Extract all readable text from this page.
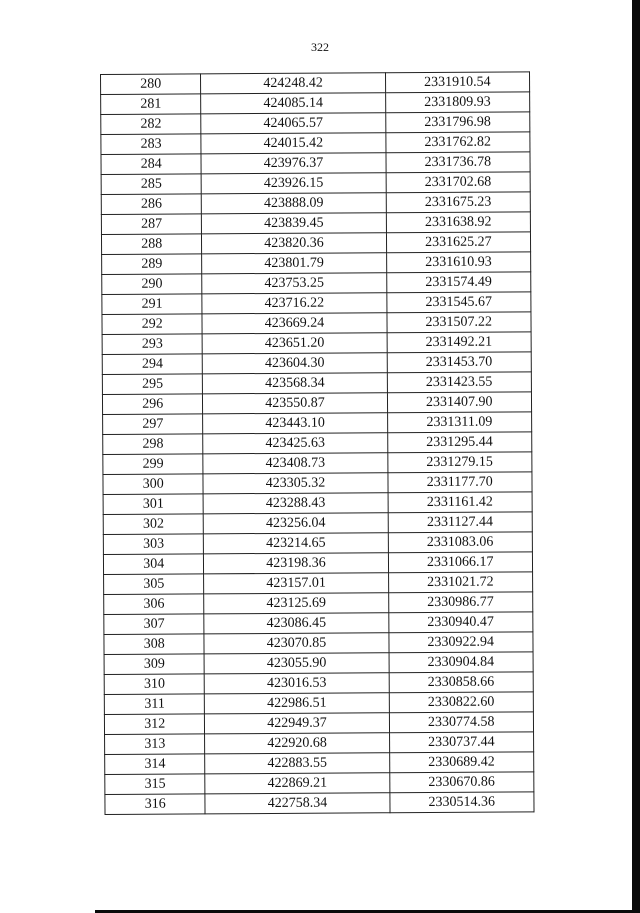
322
280	424248.42	2331910.54
281	424085.14	2331809.93
282	424065.57	2331796.98
283	424015.42	2331762.82
284	423976.37	2331736.78
285	423926.15	2331702.68
286	423888.09	2331675.23
287	423839.45	2331638.92
288	423820.36	2331625.27
289	423801.79	2331610.93
290	423753.25	2331574.49
291	423716.22	2331545.67
292	423669.24	2331507.22
293	423651.20	2331492.21
294	423604.30	2331453.70
295	423568.34	2331423.55
296	423550.87	2331407.90
297	423443.10	2331311.09
298	423425.63	2331295.44
299	423408.73	2331279.15
300	423305.32	2331177.70
301	423288.43	2331161.42
302	423256.04	2331127.44
303	423214.65	2331083.06
304	423198.36	2331066.17
305	423157.01	2331021.72
306	423125.69	2330986.77
307	423086.45	2330940.47
308	423070.85	2330922.94
309	423055.90	2330904.84
310	423016.53	2330858.66
311	422986.51	2330822.60
312	422949.37	2330774.58
313	422920.68	2330737.44
314	422883.55	2330689.42
315	422869.21	2330670.86
316	422758.34	2330514.36
